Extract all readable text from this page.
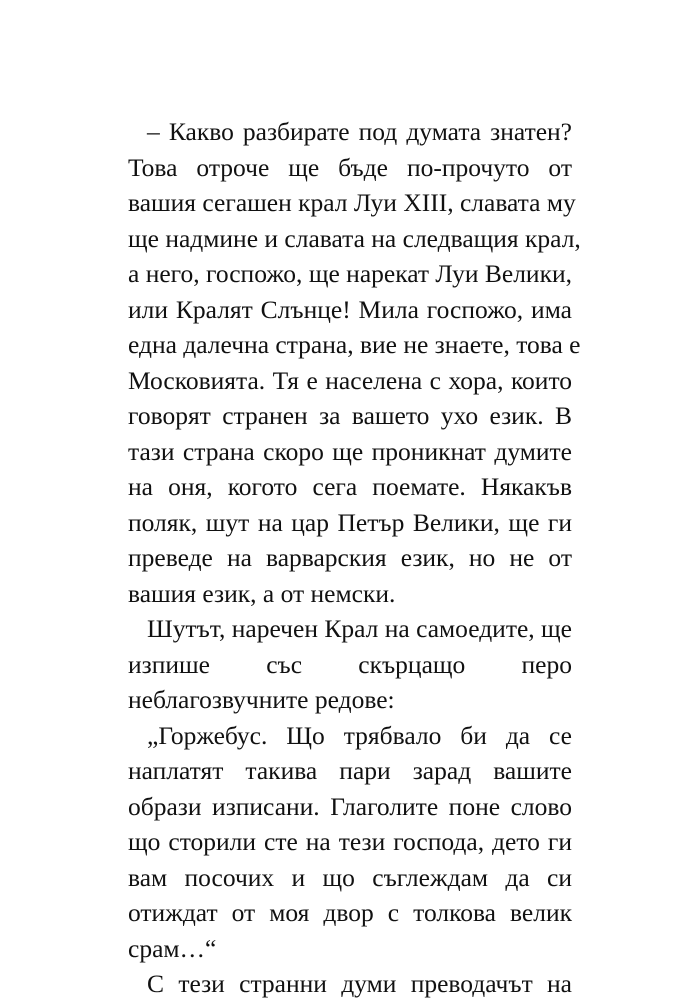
– Какво разбирате под думата знатен?
Това отроче ще бъде по-прочуто от
вашия сегашен крал Луи XIII, славата му
ще надмине и славата на следващия крал,
а него, госпожо, ще нарекат Луи Велики,
или Кралят Слънце! Мила госпожо, има
една далечна страна, вие не знаете, това е
Московията. Тя е населена с хора, които
говорят странен за вашето ухо език. В
тази страна скоро ще проникнат думите
на оня, когото сега поемате. Някакъв
поляк, шут на цар Петър Велики, ще ги
преведе на варварския език, но не от
вашия език, а от немски.
Шутът, наречен Крал на самоедите, ще
изпише със скърцащо перо
неблагозвучните редове:
„Горжебус. Що трябвало би да се
наплатят такива пари зарад вашите
образи изписани. Глаголите поне слово
що сторили сте на тези господа, дето ги
вам посочих и що съглеждам да си
отиждат от моя двор с толкова велик
срам…“
С тези странни думи преводачът на
